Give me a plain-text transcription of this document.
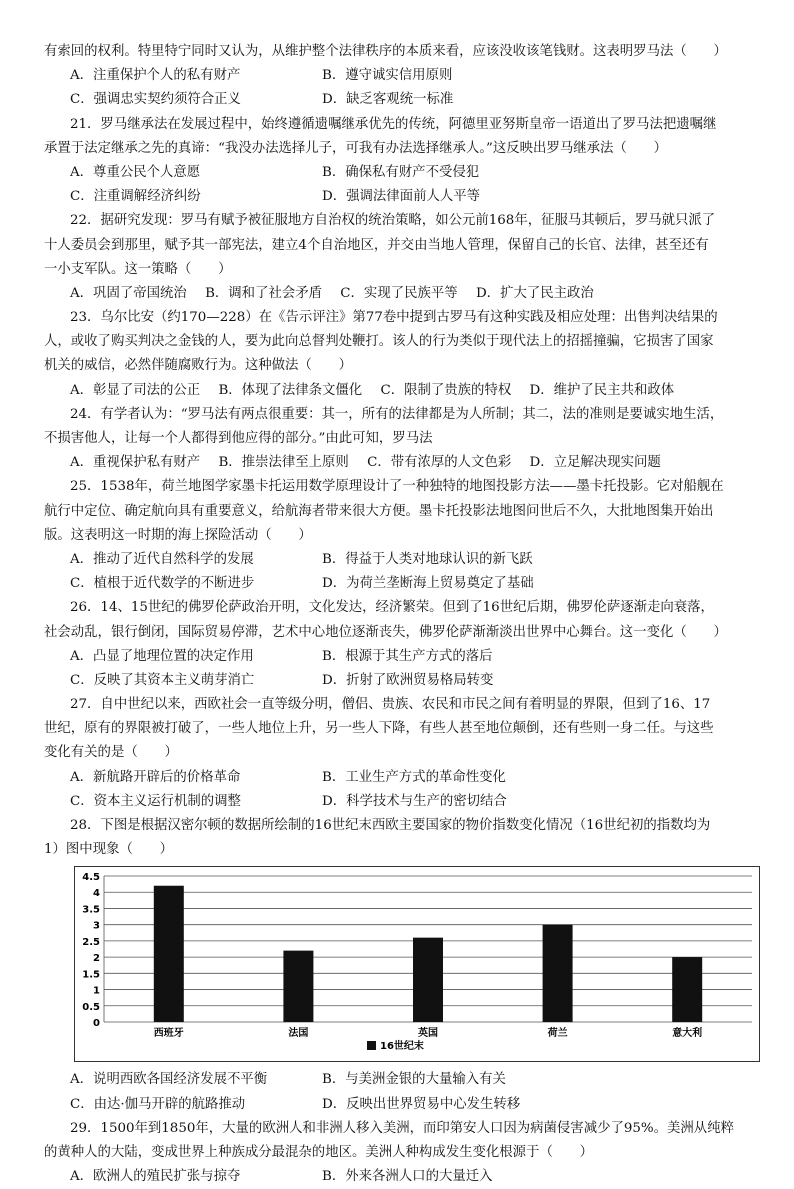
有索回的权利。特里特宁同时又认为，从维护整个法律秩序的本质来看，应该没收该笔钱财。这表明罗马法（　　）
A．注重保护个人的私有财产	B．遵守诚实信用原则
C．强调忠实契约须符合正义	D．缺乏客观统一标准
21．罗马继承法在发展过程中，始终遵循遗嘱继承优先的传统，阿德里亚努斯皇帝一语道出了罗马法把遗嘱继
承置于法定继承之先的真谛：“我没办法选择儿子，可我有办法选择继承人。”这反映出罗马继承法（　　）
A．尊重公民个人意愿	B．确保私有财产不受侵犯
C．注重调解经济纠纷	D．强调法律面前人人平等
22．据研究发现：罗马有赋予被征服地方自治权的统治策略，如公元前168年，征服马其顿后，罗马就只派了
十人委员会到那里，赋予其一部宪法，建立4个自治地区，并交由当地人管理，保留自己的长官、法律，甚至还有
一小支军队。这一策略（　　）
A．巩固了帝国统治 B．调和了社会矛盾 C．实现了民族平等 D．扩大了民主政治
23．乌尔比安（约170—228）在《告示评注》第77卷中提到古罗马有这种实践及相应处理：出售判决结果的
人，或收了购买判决之金钱的人，要为此向总督判处鞭打。该人的行为类似于现代法上的招摇撞骗，它损害了国家
机关的威信，必然伴随腐败行为。这种做法（　　）
A．彰显了司法的公正 B．体现了法律条文僵化 C．限制了贵族的特权 D．维护了民主共和政体
24．有学者认为：“罗马法有两点很重要：其一，所有的法律都是为人所制；其二，法的准则是要诚实地生活，
不损害他人，让每一个人都得到他应得的部分。”由此可知，罗马法
A．重视保护私有财产 B．推崇法律至上原则 C．带有浓厚的人文色彩 D．立足解决现实问题
25．1538年，荷兰地图学家墨卡托运用数学原理设计了一种独特的地图投影方法——墨卡托投影。它对船舰在
航行中定位、确定航向具有重要意义，给航海者带来很大方便。墨卡托投影法地图问世后不久，大批地图集开始出
版。这表明这一时期的海上探险活动（　　）
A．推动了近代自然科学的发展	B．得益于人类对地球认识的新飞跃
C．植根于近代数学的不断进步	D．为荷兰垄断海上贸易奠定了基础
26．14、15世纪的佛罗伦萨政治开明，文化发达，经济繁荣。但到了16世纪后期，佛罗伦萨逐渐走向衰落，
社会动乱，银行倒闭，国际贸易停滞，艺术中心地位逐渐丧失，佛罗伦萨渐渐淡出世界中心舞台。这一变化（　　）
A．凸显了地理位置的决定作用	B．根源于其生产方式的落后
C．反映了其资本主义萌芽消亡	D．折射了欧洲贸易格局转变
27．自中世纪以来，西欧社会一直等级分明，僧侣、贵族、农民和市民之间有着明显的界限，但到了16、17
世纪，原有的界限被打破了，一些人地位上升，另一些人下降，有些人甚至地位颠倒，还有些则一身二任。与这些
变化有关的是（　　）
A．新航路开辟后的价格革命	B．工业生产方式的革命性变化
C．资本主义运行机制的调整	D．科学技术与生产的密切结合
28．下图是根据汉密尔顿的数据所绘制的16世纪末西欧主要国家的物价指数变化情况（16世纪初的指数均为
1）图中现象（　　）
0
0.5
1
1.5
2
2.5
3
3.5
4
4.5
西班牙	法国	英国	荷兰	意大利
16世纪末
A．说明西欧各国经济发展不平衡	B．与美洲金银的大量输入有关
C．由达·伽马开辟的航路推动	D．反映出世界贸易中心发生转移
29．1500年到1850年，大量的欧洲人和非洲人移入美洲，而印第安人口因为病菌侵害减少了95%。美洲从纯粹
的黄种人的大陆，变成世界上种族成分最混杂的地区。美洲人种构成发生变化根源于（　　）
A．欧洲人的殖民扩张与掠夺	B．外来各洲人口的大量迁入
